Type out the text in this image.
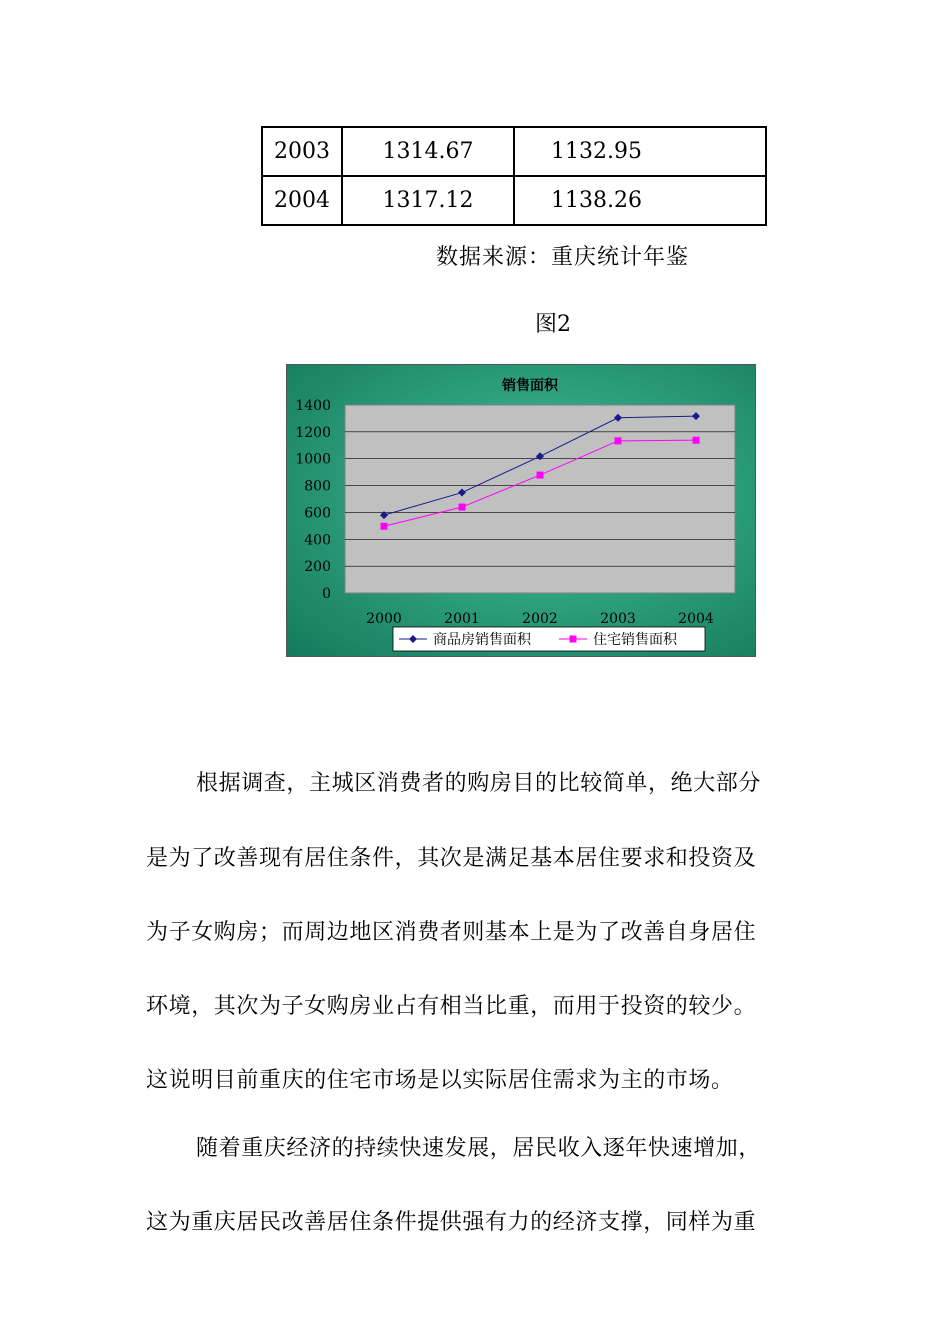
2003	1314.67	1132.95
2004	1317.12	1138.26
数据来源：重庆统计年鉴
图2
0
200
400
600
800
1000
1200
1400
2000	2001	2002	2003	2004
销售面积
商品房销售面积	住宅销售面积
根据调查，主城区消费者的购房目的比较简单，绝大部分
是为了改善现有居住条件，其次是满足基本居住要求和投资及
为子女购房；而周边地区消费者则基本上是为了改善自身居住
环境，其次为子女购房业占有相当比重，而用于投资的较少。
这说明目前重庆的住宅市场是以实际居住需求为主的市场。
随着重庆经济的持续快速发展，居民收入逐年快速增加，
这为重庆居民改善居住条件提供强有力的经济支撑，同样为重
